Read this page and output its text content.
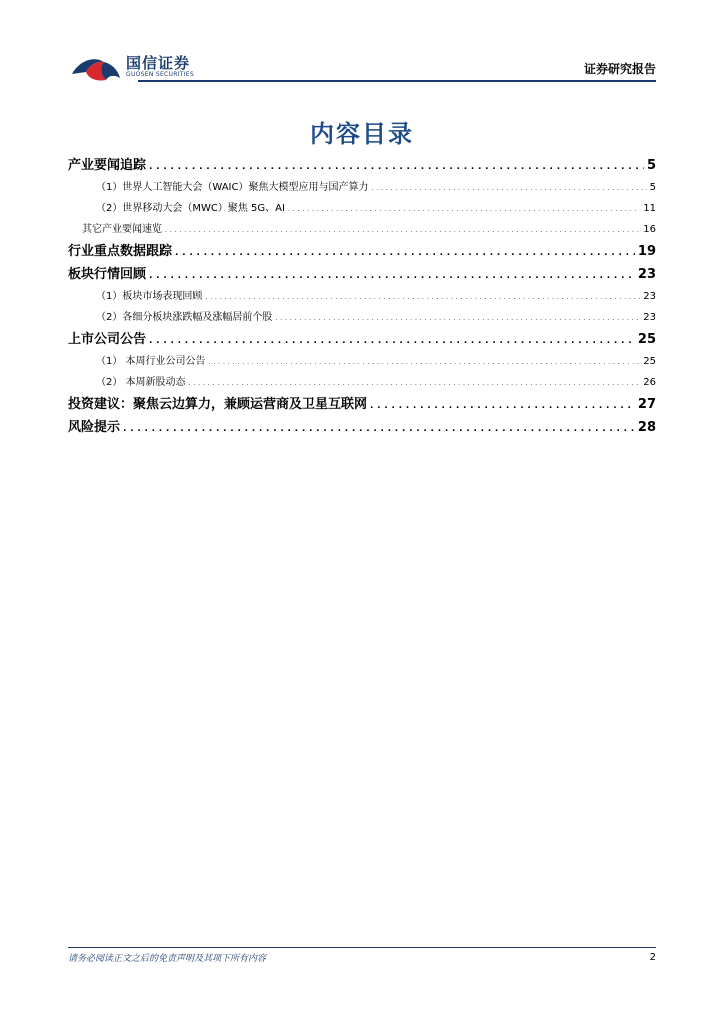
国信证券
GUOSEN SECURITIES	证券研究报告
内容目录
产业要闻追踪 . . .	5
（1）世界人工智能大会（WAIC）聚焦大模型应用与国产算力 . . .	5
（2）世界移动大会（MWC）聚焦 5G、AI . . .	11
其它产业要闻速览 . . .	16
行业重点数据跟踪 . . .	19
板块行情回顾 . . .	23
（1）板块市场表现回顾 . . .	23
（2）各细分板块涨跌幅及涨幅居前个股 . . .	23
上市公司公告 . . .	25
（1） 本周行业公司公告 . . .	25
（2） 本周新股动态 . . .	26
投资建议：聚焦云边算力，兼顾运营商及卫星互联网 . . .	27
风险提示 . . .	28
请务必阅读正文之后的免责声明及其项下所有内容	2
